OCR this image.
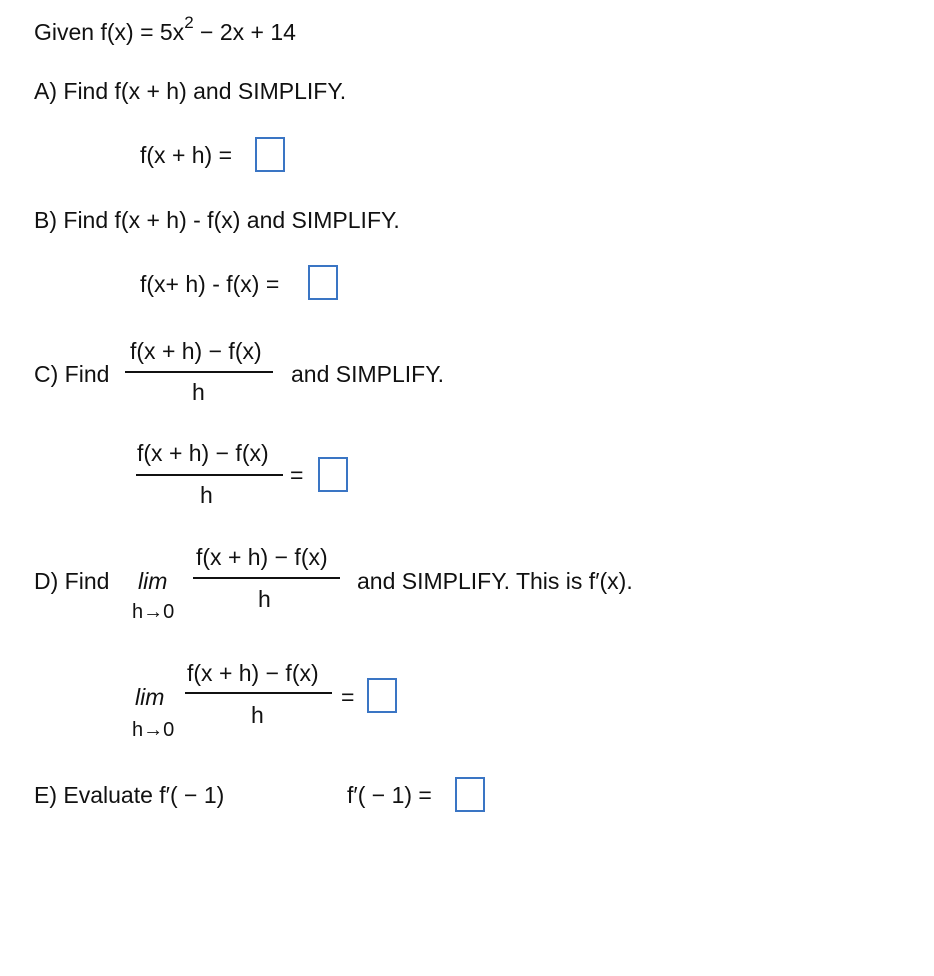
Given $f(x) = 5x^2 - 2x + 14$
A) Find f(x + h) and SIMPLIFY.
f(x + h) =
B) Find f(x + h) - f(x) and SIMPLIFY.
f(x+ h) - f(x) =
C) Find
f(x + h) − f(x)
h
and SIMPLIFY.
f(x + h) − f(x)
h
=
D) Find lim
h→0
f(x + h) − f(x)
h
and SIMPLIFY. This is f′(x).
lim
h→0
f(x + h) − f(x)
h
=
E) Evaluate f′( − 1)	f′( − 1) =
